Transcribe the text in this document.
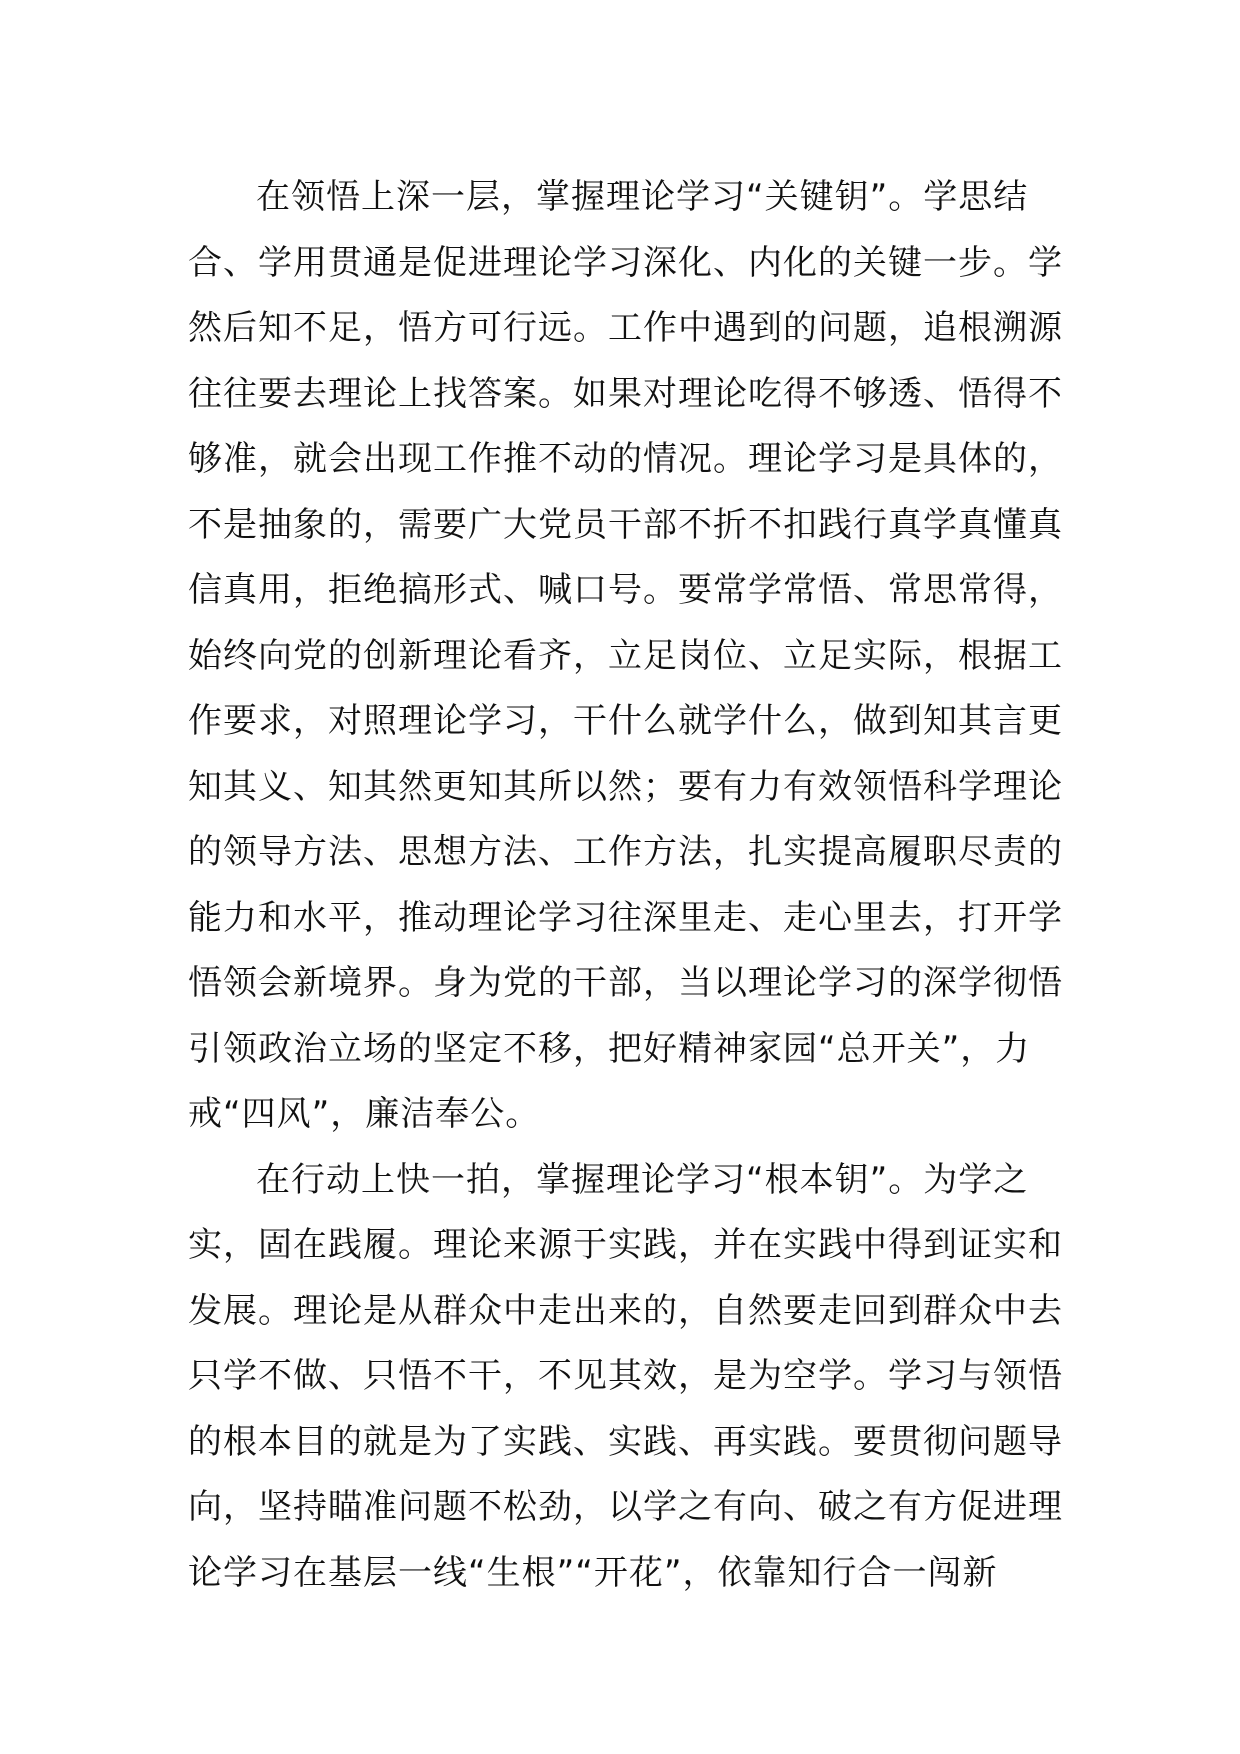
在领悟上深一层，掌握理论学习“关键钥”。学思结
合、学用贯通是促进理论学习深化、内化的关键一步。学
然后知不足，悟方可行远。工作中遇到的问题，追根溯源
往往要去理论上找答案。如果对理论吃得不够透、悟得不
够准，就会出现工作推不动的情况。理论学习是具体的，
不是抽象的，需要广大党员干部不折不扣践行真学真懂真
信真用，拒绝搞形式、喊口号。要常学常悟、常思常得，
始终向党的创新理论看齐，立足岗位、立足实际，根据工
作要求，对照理论学习，干什么就学什么，做到知其言更
知其义、知其然更知其所以然；要有力有效领悟科学理论
的领导方法、思想方法、工作方法，扎实提高履职尽责的
能力和水平，推动理论学习往深里走、走心里去，打开学
悟领会新境界。身为党的干部，当以理论学习的深学彻悟
引领政治立场的坚定不移，把好精神家园“总开关”，力
戒“四风”，廉洁奉公。
在行动上快一拍，掌握理论学习“根本钥”。为学之
实，固在践履。理论来源于实践，并在实践中得到证实和
发展。理论是从群众中走出来的，自然要走回到群众中去
只学不做、只悟不干，不见其效，是为空学。学习与领悟
的根本目的就是为了实践、实践、再实践。要贯彻问题导
向，坚持瞄准问题不松劲，以学之有向、破之有方促进理
论学习在基层一线“生根”“开花”，依靠知行合一闯新
